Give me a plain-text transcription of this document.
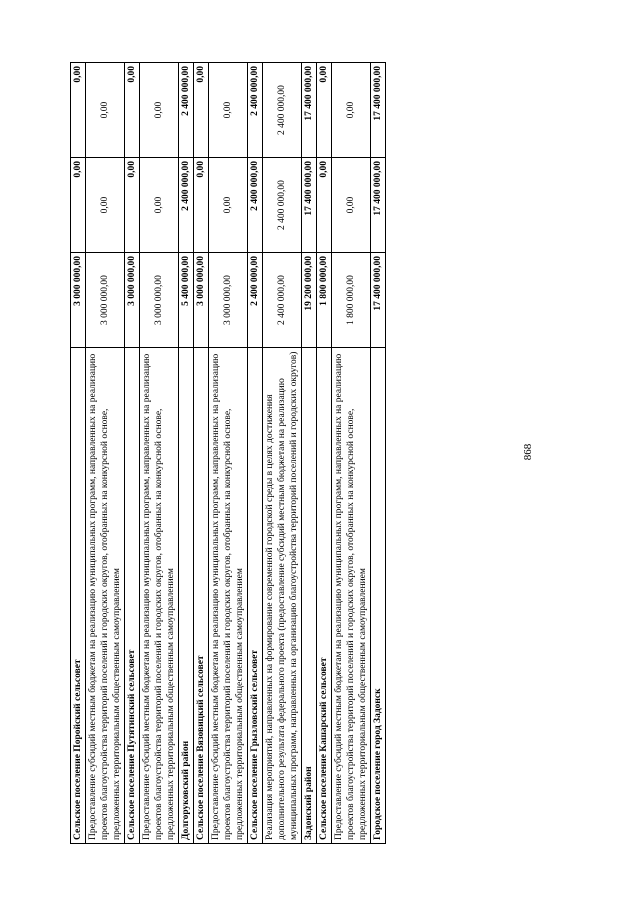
868
Сельское поселение Поройский сельсовет	3 000 000,00	0,00	0,00
Предоставление субсидий местным бюджетам на реализацию муниципальных программ, направленных на реализацию проектов благоустройства территорий поселений и городских округов, отобранных на конкурсной основе, предложенных территориальным общественным самоуправлением	3 000 000,00	0,00	0,00
Сельское поселение Путятинский сельсовет	3 000 000,00	0,00	0,00
Предоставление субсидий местным бюджетам на реализацию муниципальных программ, направленных на реализацию проектов благоустройства территорий поселений и городских округов, отобранных на конкурсной основе, предложенных территориальным общественным самоуправлением	3 000 000,00	0,00	0,00
Долгоруковский район	5 400 000,00	2 400 000,00	2 400 000,00
Сельское поселение Вязовицкий сельсовет	3 000 000,00	0,00	0,00
Предоставление субсидий местным бюджетам на реализацию муниципальных программ, направленных на реализацию проектов благоустройства территорий поселений и городских округов, отобранных на конкурсной основе, предложенных территориальным общественным самоуправлением	3 000 000,00	0,00	0,00
Сельское поселение Грызловский сельсовет	2 400 000,00	2 400 000,00	2 400 000,00
Реализация мероприятий, направленных на формирование современной городской среды в целях достижения дополнительного результата федерального проекта (предоставление субсидий местным бюджетам на реализацию муниципальных программ, направленных на организацию благоустройства территорий поселений и городских округов)	2 400 000,00	2 400 000,00	2 400 000,00
Задонский район	19 200 000,00	17 400 000,00	17 400 000,00
Сельское поселение Кашарский сельсовет	1 800 000,00	0,00	0,00
Предоставление субсидий местным бюджетам на реализацию муниципальных программ, направленных на реализацию проектов благоустройства территорий поселений и городских округов, отобранных на конкурсной основе, предложенных территориальным общественным самоуправлением	1 800 000,00	0,00	0,00
Городское поселение город Задонск	17 400 000,00	17 400 000,00	17 400 000,00
